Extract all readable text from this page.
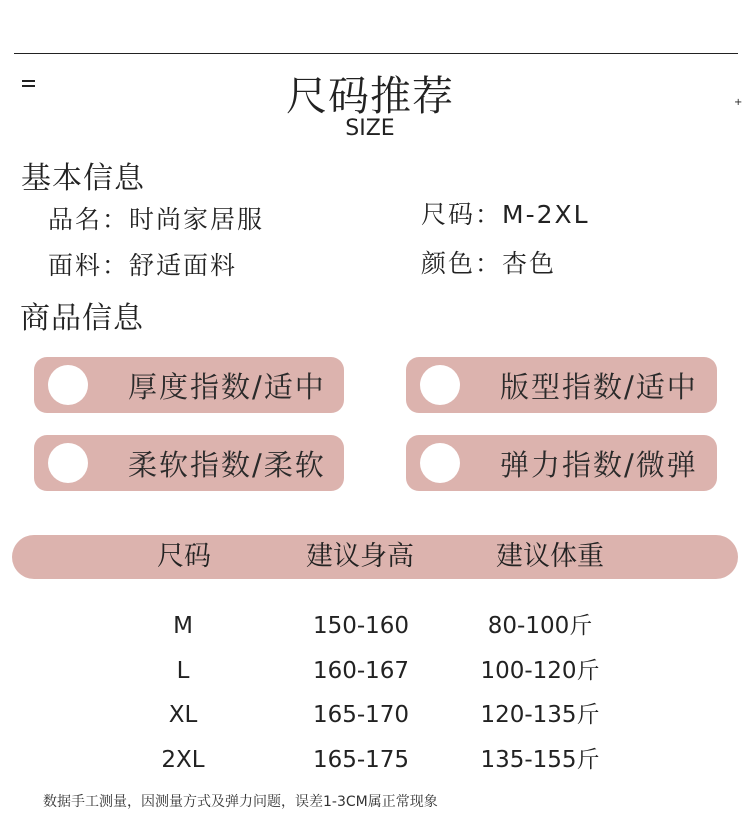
+
尺码推荐
SIZE
基本信息
品名：时尚家居服
面料：舒适面料
尺码：M-2XL
颜色：杏色
商品信息
厚度指数/适中	版型指数/适中
柔软指数/柔软	弹力指数/微弹
尺码	建议身高	建议体重
M	150-160	80-100斤
L	160-167	100-120斤
XL	165-170	120-135斤
2XL	165-175	135-155斤
数据手工测量，因测量方式及弹力问题，误差1-3CM属正常现象
